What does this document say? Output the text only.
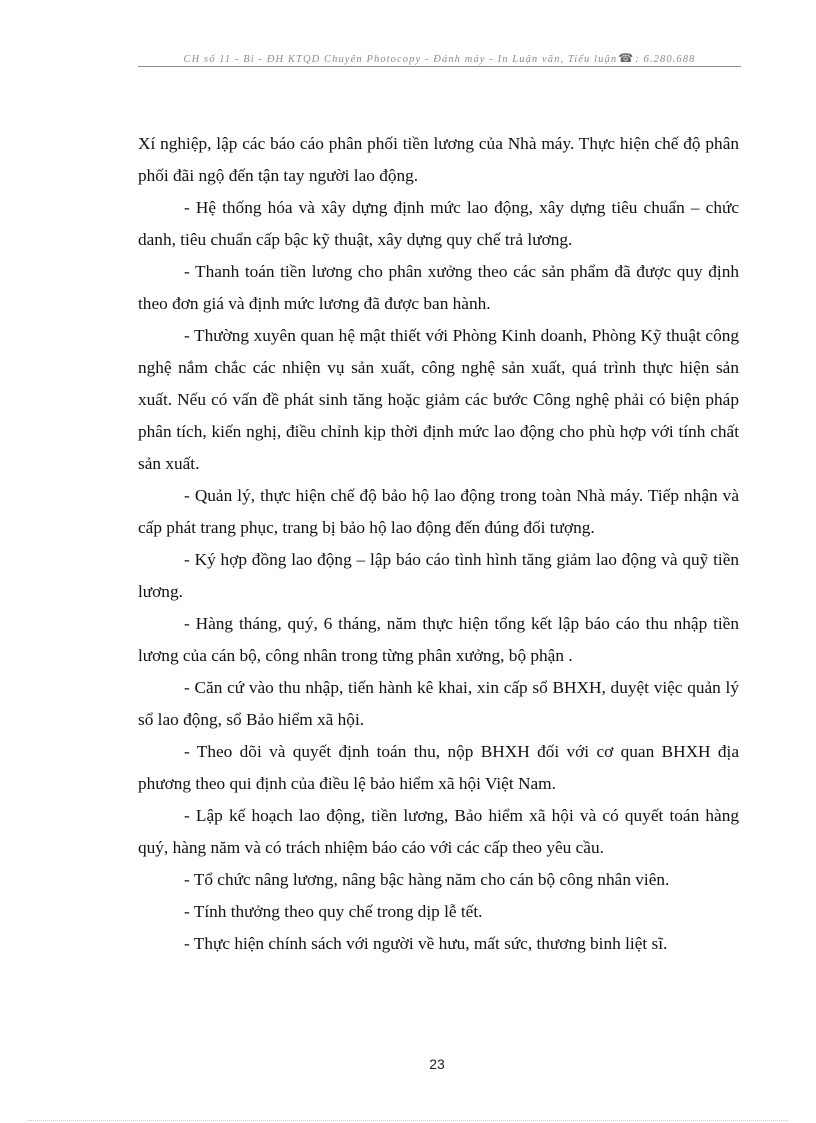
CH số 11 - Bi - ĐH KTQD Chuyên Photocopy - Đánh máy - In Luận văn, Tiểu luận☎: 6.280.688

Xí nghiệp, lập các báo cáo phân phối tiền lương của Nhà máy. Thực hiện chế độ phân phối đãi ngộ đến tận tay người lao động.

- Hệ thống hóa và xây dựng định mức lao động, xây dựng tiêu chuẩn – chức danh, tiêu chuẩn cấp bậc kỹ thuật, xây dựng quy chế trả lương.

- Thanh toán tiền lương cho phân xưởng theo các sản phẩm đã được quy định theo đơn giá và định mức lương đã được ban hành.

- Thường xuyên quan hệ mật thiết với Phòng Kinh doanh, Phòng Kỹ thuật công nghệ nắm chắc các nhiện vụ sản xuất, công nghệ sản xuất, quá trình thực hiện sản xuất. Nếu có vấn đề phát sinh tăng hoặc giảm các bước Công nghệ phải có biện pháp phân tích, kiến nghị, điều chỉnh kịp thời định mức lao động cho phù hợp với tính chất sản xuất.

- Quản lý, thực hiện chế độ bảo hộ lao động trong toàn Nhà máy. Tiếp nhận và cấp phát trang phục, trang bị bảo hộ lao động đến đúng đối tượng.

- Ký hợp đồng lao động – lập báo cáo tình hình tăng giảm lao động và quỹ tiền lương.

- Hàng tháng, quý, 6 tháng, năm thực hiện tổng kết lập báo cáo thu nhập tiền lương của cán bộ, công nhân trong từng phân xưởng, bộ phận .

- Căn cứ vào thu nhập, tiến hành kê khai, xin cấp sổ BHXH, duyệt việc quản lý sổ lao động, sổ Bảo hiểm xã hội.

- Theo dõi và quyết định toán thu, nộp BHXH đối với cơ quan BHXH địa phương theo qui định của điều lệ bảo hiểm xã hội Việt Nam.

- Lập kế hoạch lao động, tiền lương, Bảo hiểm xã hội và có quyết toán hàng quý, hàng năm và có trách nhiệm báo cáo với các cấp theo yêu cầu.

- Tổ chức nâng lương, nâng bậc hàng năm cho cán bộ công nhân viên.

- Tính thưởng theo quy chế trong dịp lễ tết.

- Thực hiện chính sách với người về hưu, mất sức, thương binh liệt sĩ.

23
